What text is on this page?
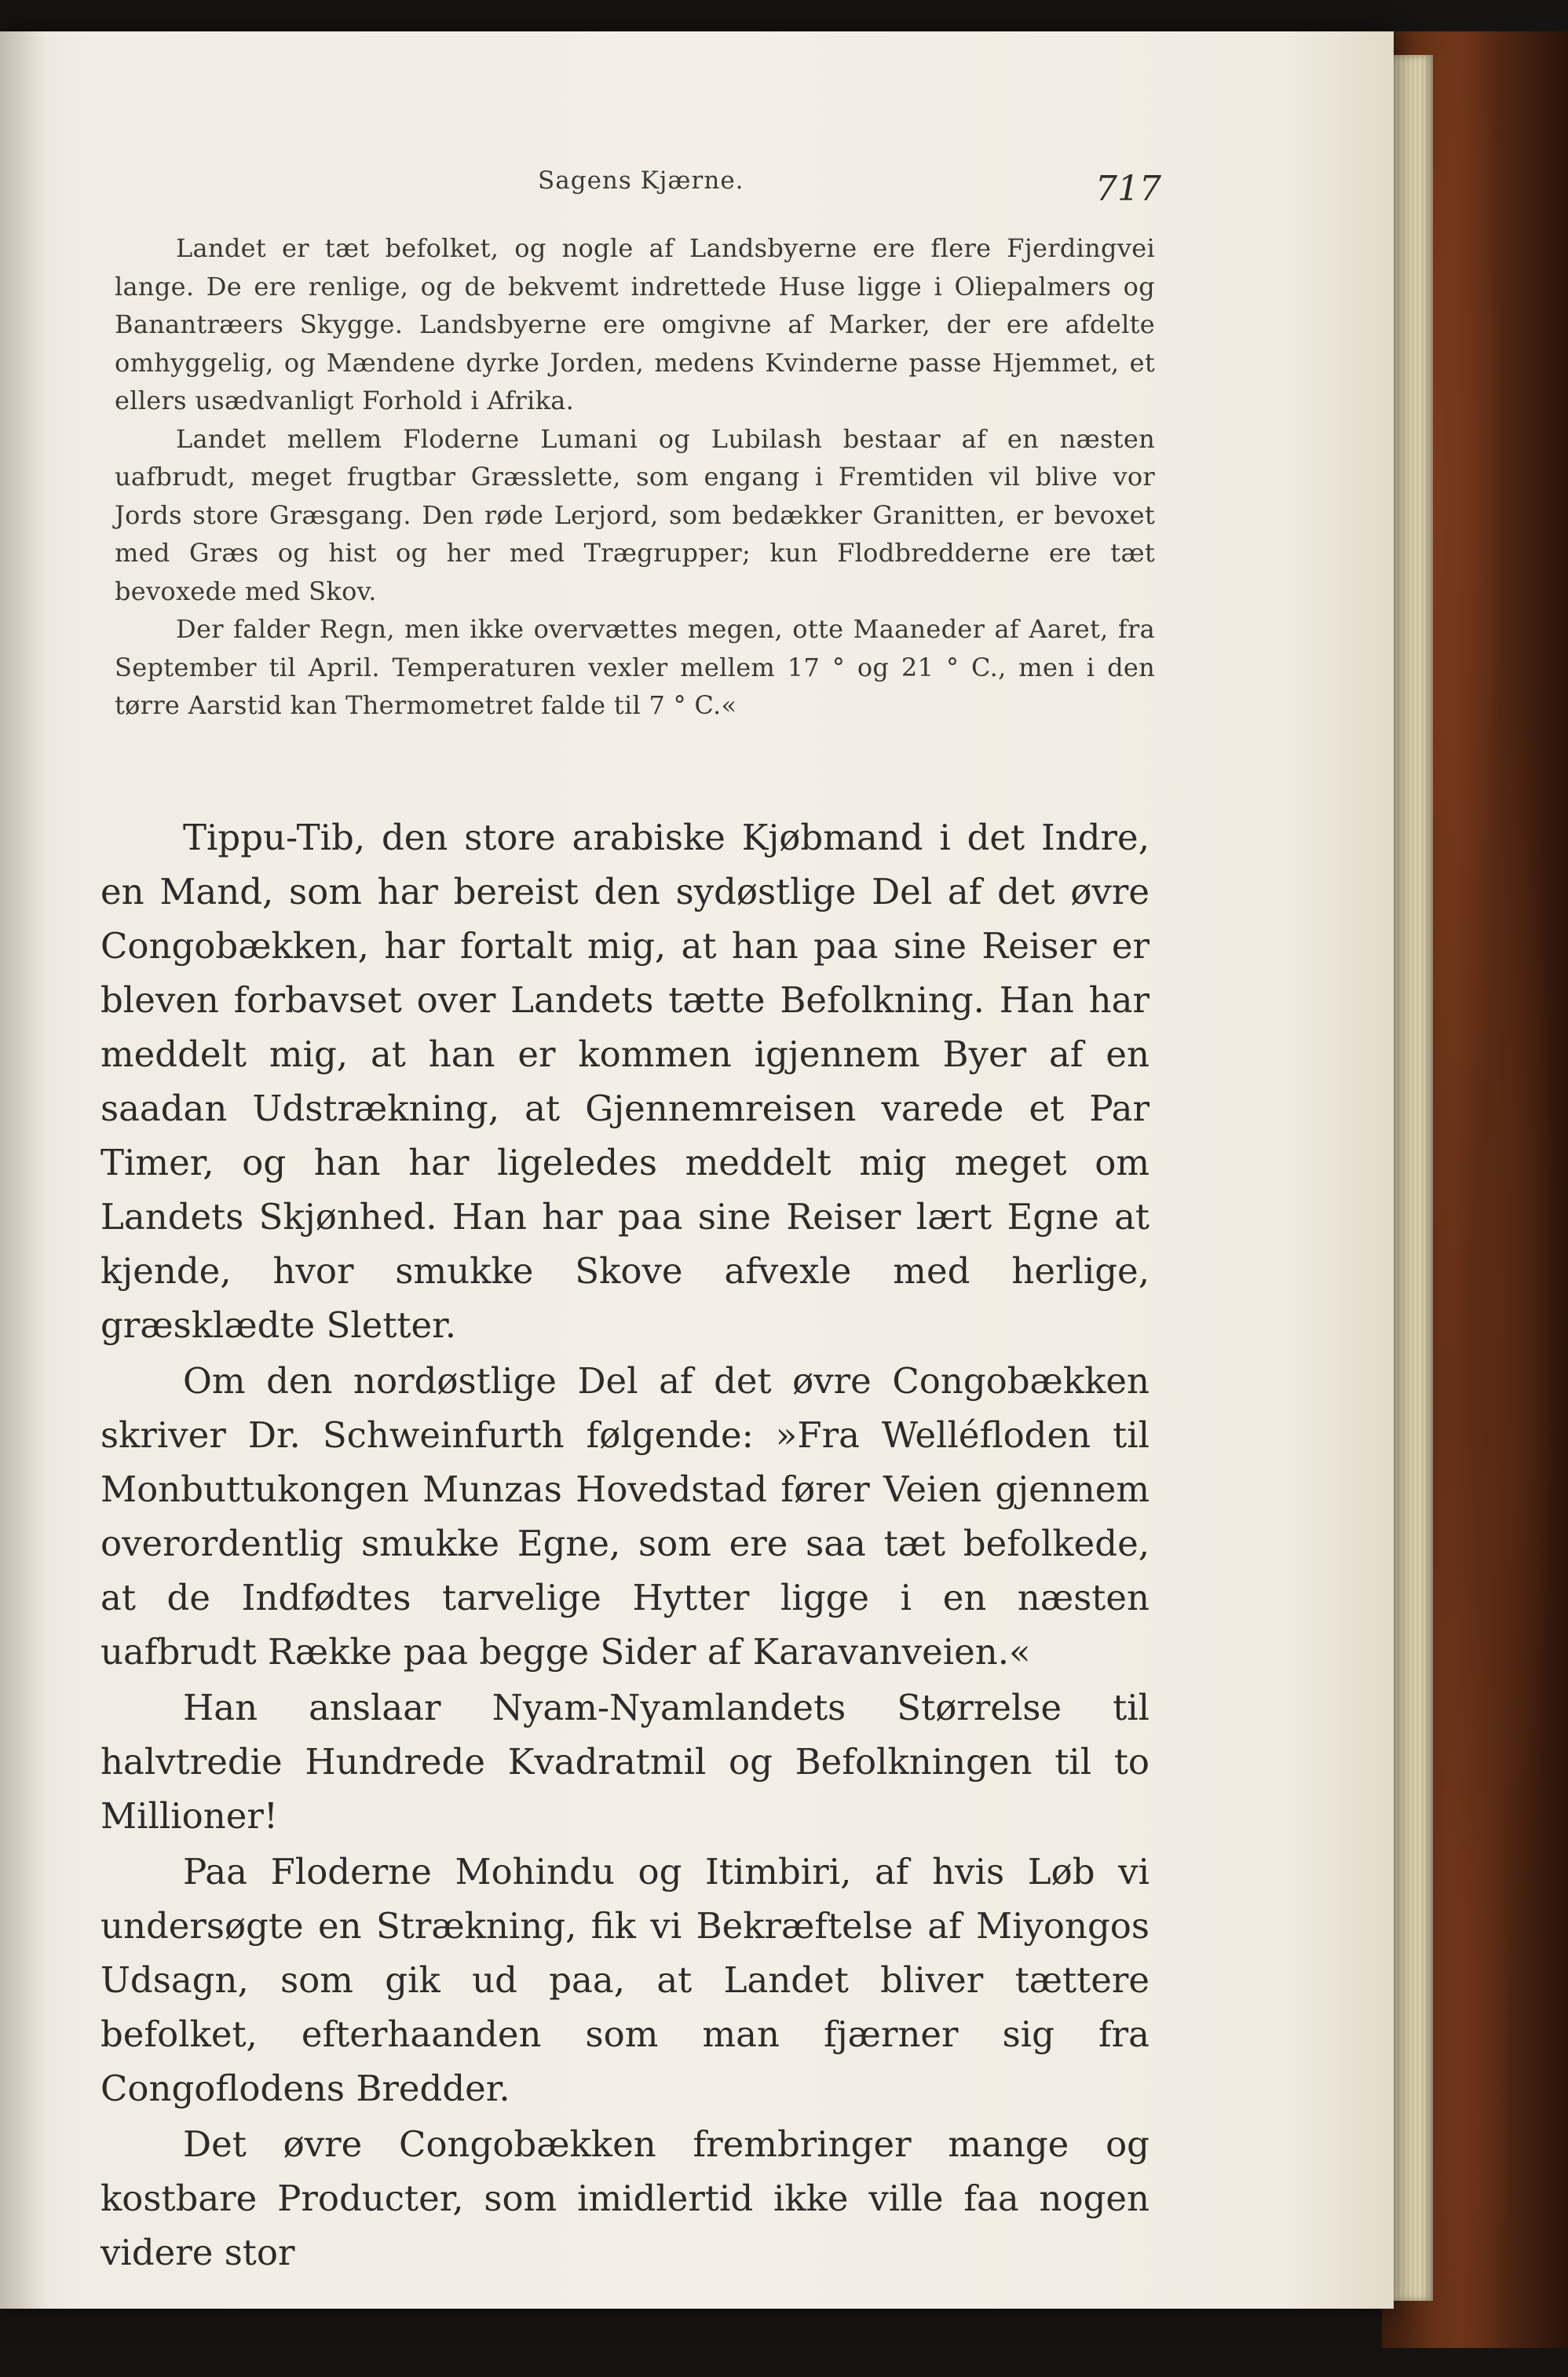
Sagens Kjærne.	717

Landet er tæt befolket, og nogle af Landsbyerne ere flere Fjerdingvei lange. De ere renlige, og de bekvemt indrettede Huse ligge i Oliepalmers og Banantræers Skygge. Landsbyerne ere omgivne af Marker, der ere afdelte omhyggelig, og Mændene dyrke Jorden, medens Kvinderne passe Hjemmet, et ellers usædvanligt Forhold i Afrika.

Landet mellem Floderne Lumani og Lubilash bestaar af en næsten uafbrudt, meget frugtbar Græsslette, som engang i Fremtiden vil blive vor Jords store Græsgang. Den røde Lerjord, som bedækker Granitten, er bevoxet med Græs og hist og her med Trægrupper; kun Flodbredderne ere tæt bevoxede med Skov.

Der falder Regn, men ikke overvættes megen, otte Maaneder af Aaret, fra September til April. Temperaturen vexler mellem 17 ° og 21 ° C., men i den tørre Aarstid kan Thermometret falde til 7 ° C.«

Tippu-Tib, den store arabiske Kjøbmand i det Indre, en Mand, som har bereist den sydøstlige Del af det øvre Congobækken, har fortalt mig, at han paa sine Reiser er bleven forbavset over Landets tætte Befolkning. Han har meddelt mig, at han er kommen igjennem Byer af en saadan Udstrækning, at Gjennemreisen varede et Par Timer, og han har ligeledes meddelt mig meget om Landets Skjønhed. Han har paa sine Reiser lært Egne at kjende, hvor smukke Skove afvexle med herlige, græsklædte Sletter.

Om den nordøstlige Del af det øvre Congobækken skriver Dr. Schweinfurth følgende: »Fra Welléfloden til Monbuttukongen Munzas Hovedstad fører Veien gjennem overordentlig smukke Egne, som ere saa tæt befolkede, at de Indfødtes tarvelige Hytter ligge i en næsten uafbrudt Række paa begge Sider af Karavanveien.«

Han anslaar Nyam-Nyamlandets Størrelse til halvtredie Hundrede Kvadratmil og Befolkningen til to Millioner!

Paa Floderne Mohindu og Itimbiri, af hvis Løb vi undersøgte en Strækning, fik vi Bekræftelse af Miyongos Udsagn, som gik ud paa, at Landet bliver tættere befolket, efterhaanden som man fjærner sig fra Congoflodens Bredder.

Det øvre Congobækken frembringer mange og kostbare Producter, som imidlertid ikke ville faa nogen videre stor
